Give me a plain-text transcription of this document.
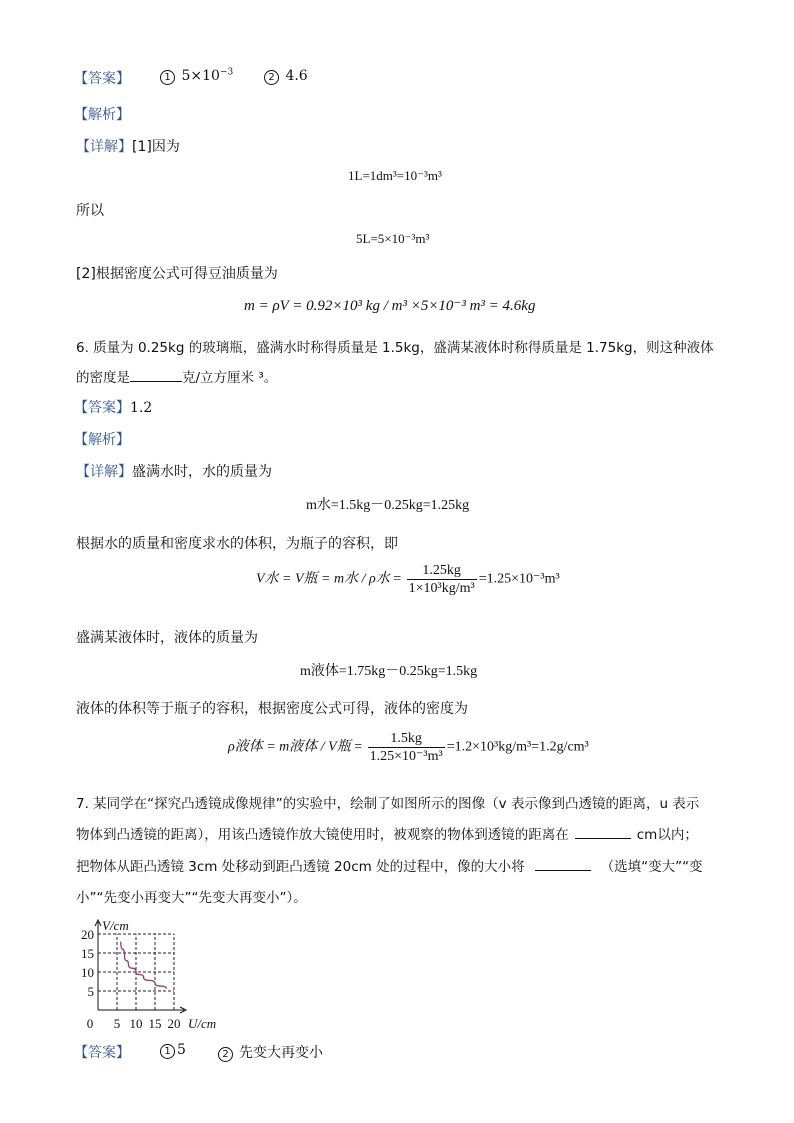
【答案】	1 $5\times 10^{-3}$	2 4.6
【解析】
【详解】[1]因为
1L=1dm³=10⁻³m³
所以
5L=5×10⁻³m³
[2]根据密度公式可得豆油质量为
m = ρV = 0.92×10³ kg / m³ ×5×10⁻³ m³ = 4.6kg
6. 质量为 0.25kg 的玻璃瓶，盛满水时称得质量是 1.5kg，盛满某液体时称得质量是 1.75kg，则这种液体
的密度是	克/立方厘米 ³。
【答案】1.2
【解析】
【详解】盛满水时，水的质量为
m水=1.5kg－0.25kg=1.25kg
根据水的质量和密度求水的体积，为瓶子的容积，即
V水 = V瓶 = m水 / ρ水 = $\frac{1.25kg}{\text{1×10³kg/m³}} =1.25\times 10^{-3}m^3$
盛满某液体时，液体的质量为
m液体=1.75kg－0.25kg=1.5kg
液体的体积等于瓶子的容积，根据密度公式可得，液体的密度为
ρ液体 = m液体 / V瓶 = $\frac{1.5kg}{\text{1.25×10⁻³m³}} =1.2\times 10^3kg/m^3=1.2g/cm^3$
7. 某同学在“探究凸透镜成像规律”的实验中，绘制了如图所示的图像（v 表示像到凸透镜的距离，u 表示
物体到凸透镜的距离），用该凸透镜作放大镜使用时，被观察的物体到透镜的距离在	cm以内；
把物体从距凸透镜 3cm 处移动到距凸透镜 20cm 处的过程中，像的大小将	（选填“变大”“变
小”“先变小再变大”“先变大再变小”）。
0 5 10 15 20
20
15
10
5
V/cm
U/cm
【答案】	1 5	2 先变大再变小
